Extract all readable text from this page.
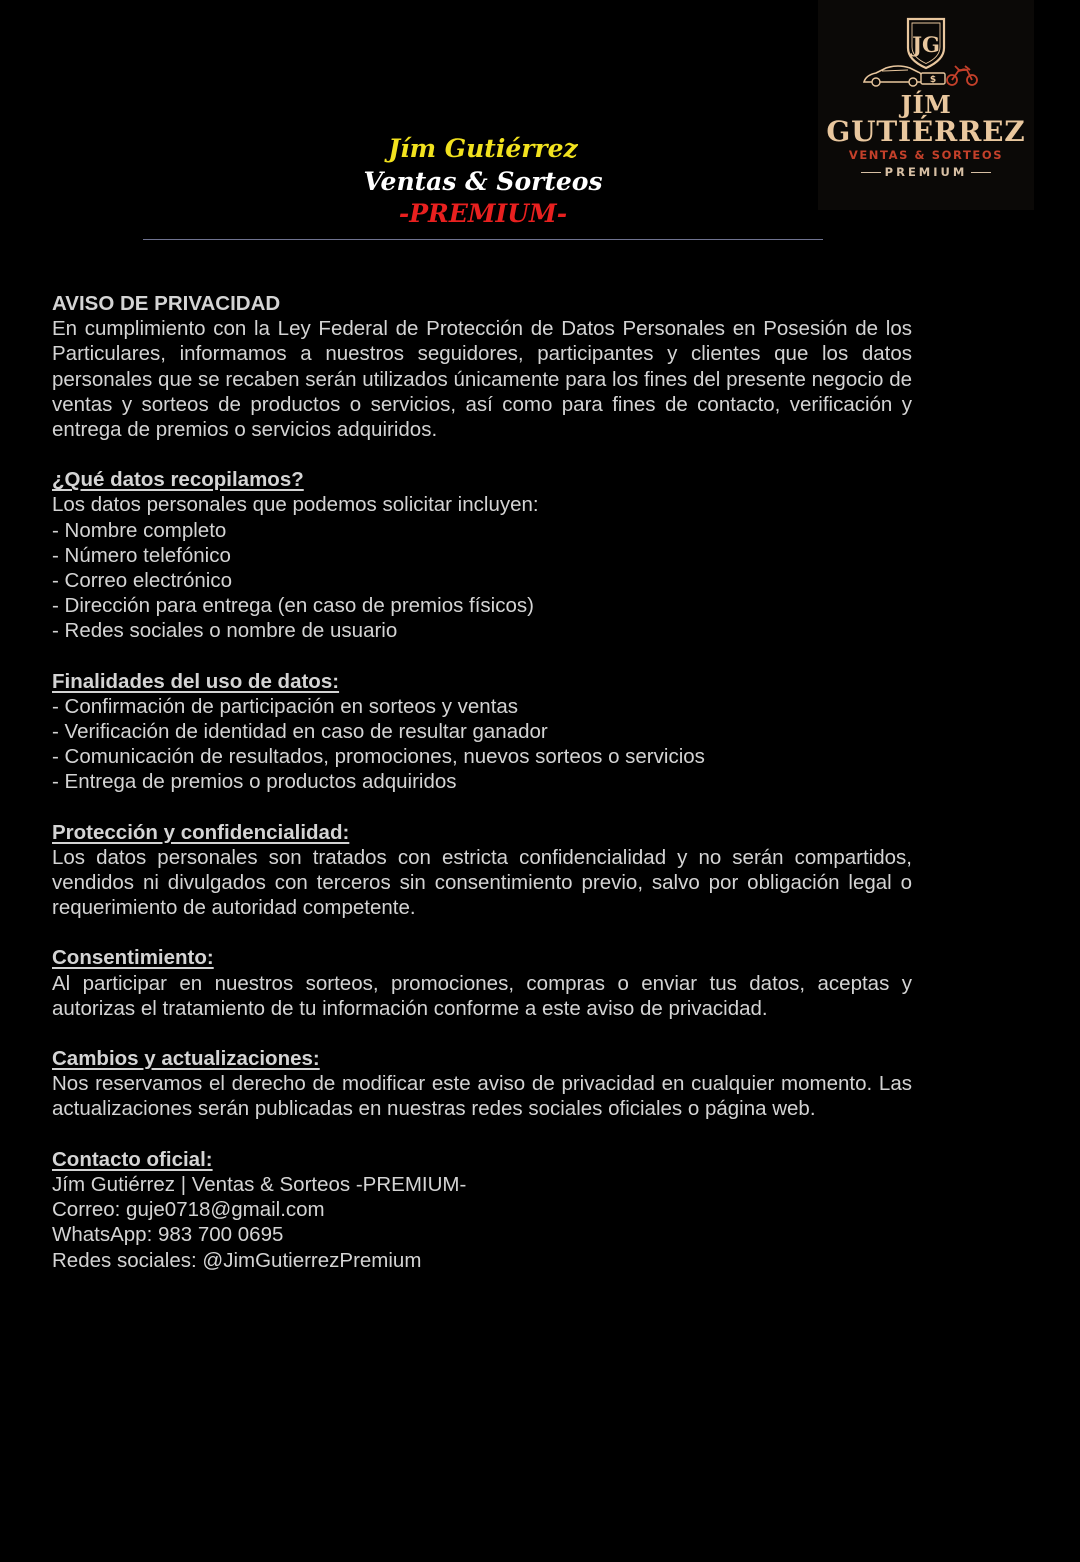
Jím Gutiérrez
Ventas & Sorteos
-PREMIUM-
JG
$
JÍM
GUTIÉRREZ
VENTAS & SORTEOS
PREMIUM
AVISO DE PRIVACIDAD

En cumplimiento con la Ley Federal de Protección de Datos Personales en Posesión de los Particulares, informamos a nuestros seguidores, participantes y clientes que los datos personales que se recaben serán utilizados únicamente para los fines del presente negocio de ventas y sorteos de productos o servicios, así como para fines de contacto, verificación y entrega de premios o servicios adquiridos.

¿Qué datos recopilamos?
Los datos personales que podemos solicitar incluyen:
- Nombre completo
- Número telefónico
- Correo electrónico
- Dirección para entrega (en caso de premios físicos)
- Redes sociales o nombre de usuario
Finalidades del uso de datos:
- Confirmación de participación en sorteos y ventas
- Verificación de identidad en caso de resultar ganador
- Comunicación de resultados, promociones, nuevos sorteos o servicios
- Entrega de premios o productos adquiridos
Protección y confidencialidad:

Los datos personales son tratados con estricta confidencialidad y no serán compartidos, vendidos ni divulgados con terceros sin consentimiento previo, salvo por obligación legal o requerimiento de autoridad competente.

Consentimiento:

Al participar en nuestros sorteos, promociones, compras o enviar tus datos, aceptas y autorizas el tratamiento de tu información conforme a este aviso de privacidad.

Cambios y actualizaciones:

Nos reservamos el derecho de modificar este aviso de privacidad en cualquier momento. Las actualizaciones serán publicadas en nuestras redes sociales oficiales o página web.

Contacto oficial:
Jím Gutiérrez | Ventas & Sorteos -PREMIUM-
Correo: guje0718@gmail.com
WhatsApp: 983 700 0695
Redes sociales: @JimGutierrezPremium
